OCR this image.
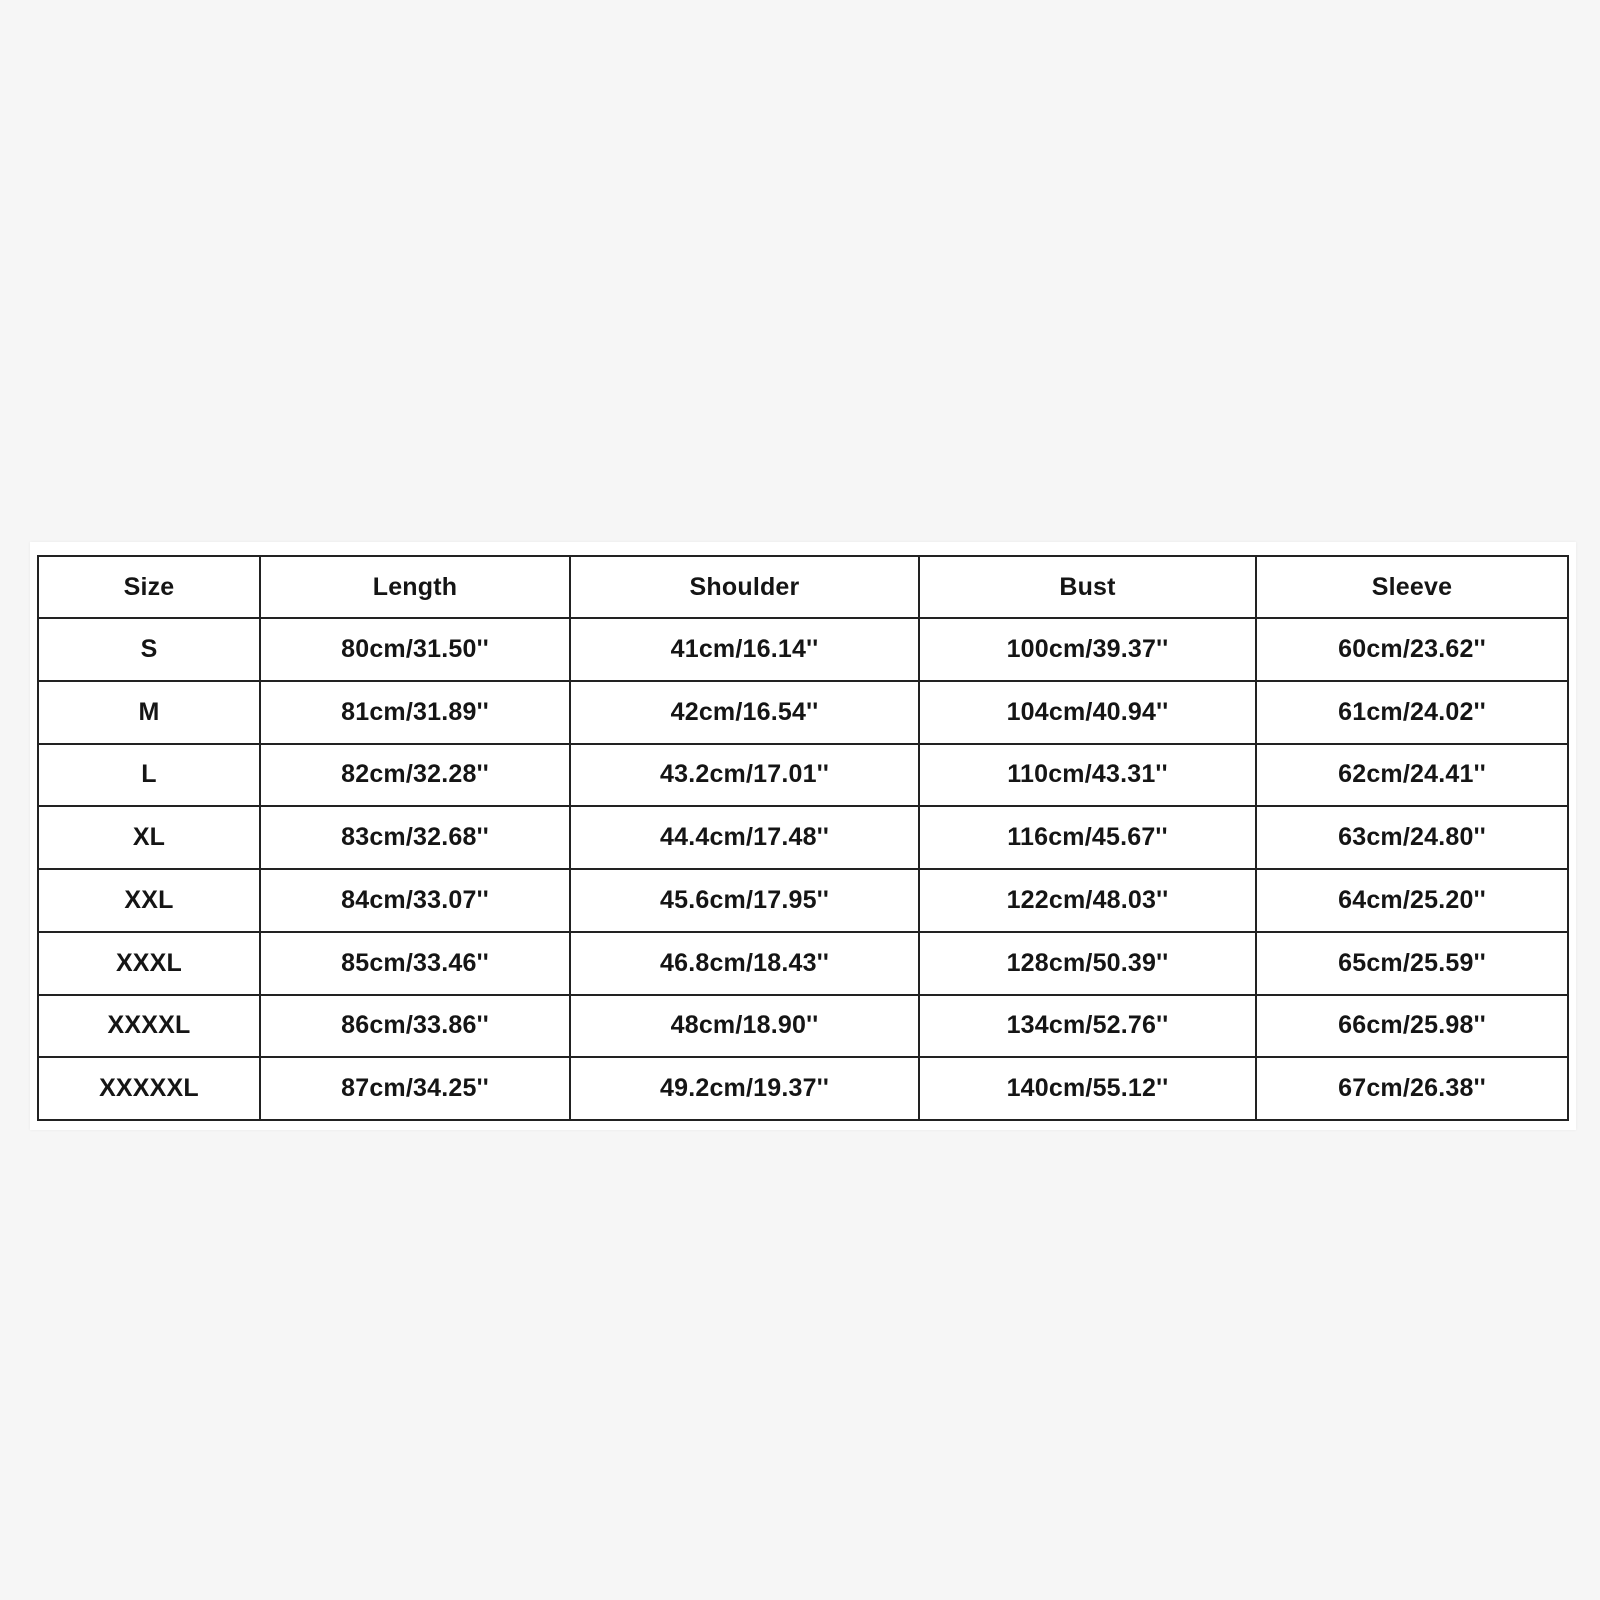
Size	Length	Shoulder	Bust	Sleeve
S	80cm/31.50''	41cm/16.14''	100cm/39.37''	60cm/23.62''
M	81cm/31.89''	42cm/16.54''	104cm/40.94''	61cm/24.02''
L	82cm/32.28''	43.2cm/17.01''	110cm/43.31''	62cm/24.41''
XL	83cm/32.68''	44.4cm/17.48''	116cm/45.67''	63cm/24.80''
XXL	84cm/33.07''	45.6cm/17.95''	122cm/48.03''	64cm/25.20''
XXXL	85cm/33.46''	46.8cm/18.43''	128cm/50.39''	65cm/25.59''
XXXXL	86cm/33.86''	48cm/18.90''	134cm/52.76''	66cm/25.98''
XXXXXL	87cm/34.25''	49.2cm/19.37''	140cm/55.12''	67cm/26.38''
